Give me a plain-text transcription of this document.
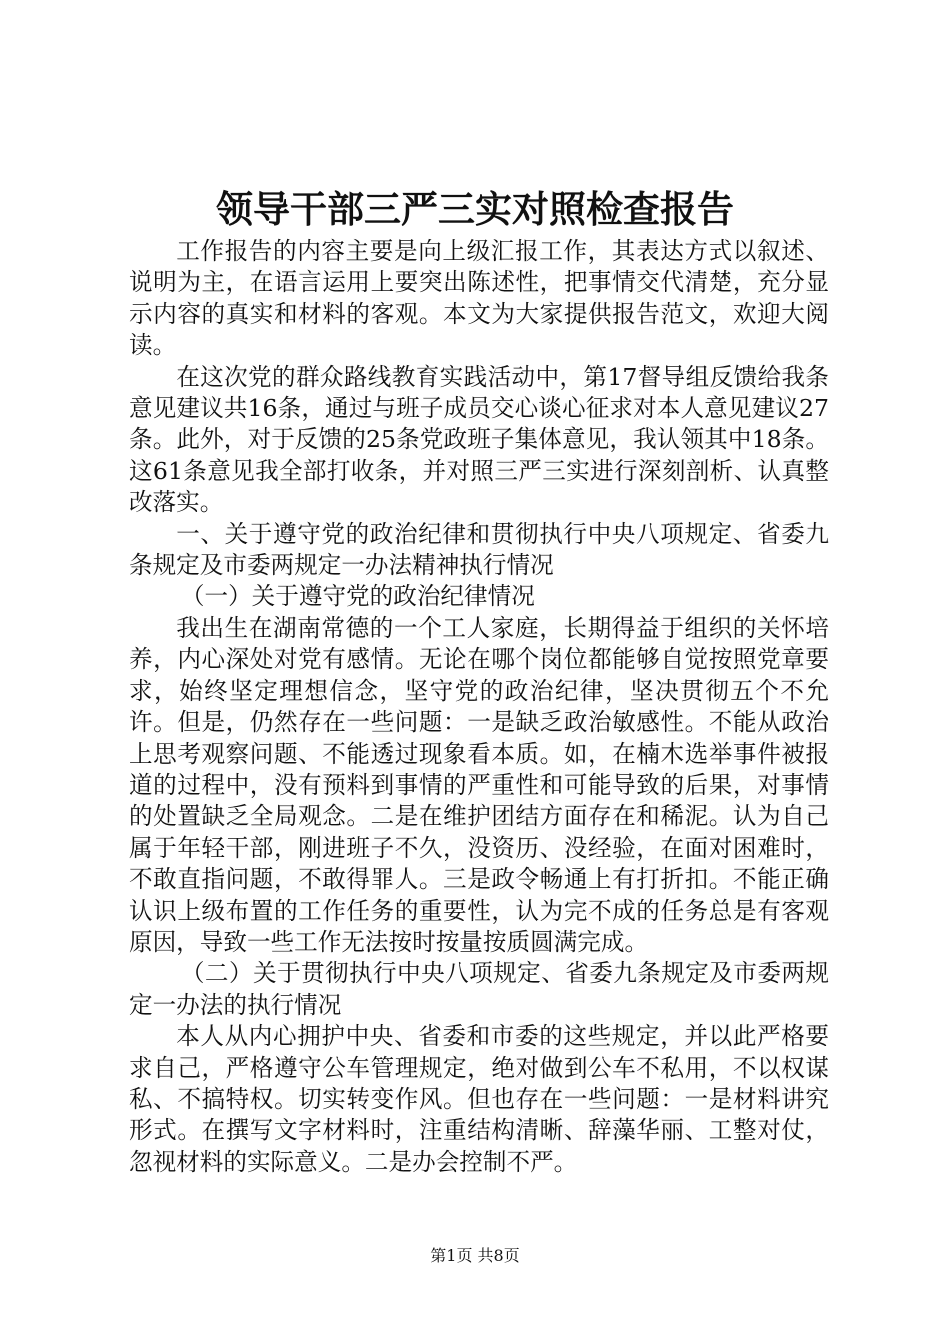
领导干部三严三实对照检查报告

工作报告的内容主要是向上级汇报工作，其表达方式以叙述、说明为主，在语言运用上要突出陈述性，把事情交代清楚，充分显示内容的真实和材料的客观。本文为大家提供报告范文，欢迎大阅读。

在这次党的群众路线教育实践活动中，第17督导组反馈给我条意见建议共16条，通过与班子成员交心谈心征求对本人意见建议27条。此外，对于反馈的25条党政班子集体意见，我认领其中18条。这61条意见我全部打收条，并对照三严三实进行深刻剖析、认真整改落实。

一、关于遵守党的政治纪律和贯彻执行中央八项规定、省委九条规定及市委两规定一办法精神执行情况

（一）关于遵守党的政治纪律情况

我出生在湖南常德的一个工人家庭，长期得益于组织的关怀培养，内心深处对党有感情。无论在哪个岗位都能够自觉按照党章要求，始终坚定理想信念，坚守党的政治纪律，坚决贯彻五个不允许。但是，仍然存在一些问题：一是缺乏政治敏感性。不能从政治上思考观察问题、不能透过现象看本质。如，在楠木选举事件被报道的过程中，没有预料到事情的严重性和可能导致的后果，对事情的处置缺乏全局观念。二是在维护团结方面存在和稀泥。认为自己属于年轻干部，刚进班子不久，没资历、没经验，在面对困难时，不敢直指问题，不敢得罪人。三是政令畅通上有打折扣。不能正确认识上级布置的工作任务的重要性，认为完不成的任务总是有客观原因，导致一些工作无法按时按量按质圆满完成。

（二）关于贯彻执行中央八项规定、省委九条规定及市委两规定一办法的执行情况

本人从内心拥护中央、省委和市委的这些规定，并以此严格要求自己，严格遵守公车管理规定，绝对做到公车不私用，不以权谋私、不搞特权。切实转变作风。但也存在一些问题：一是材料讲究形式。在撰写文字材料时，注重结构清晰、辞藻华丽、工整对仗，忽视材料的实际意义。二是办会控制不严。

第1页 共8页
